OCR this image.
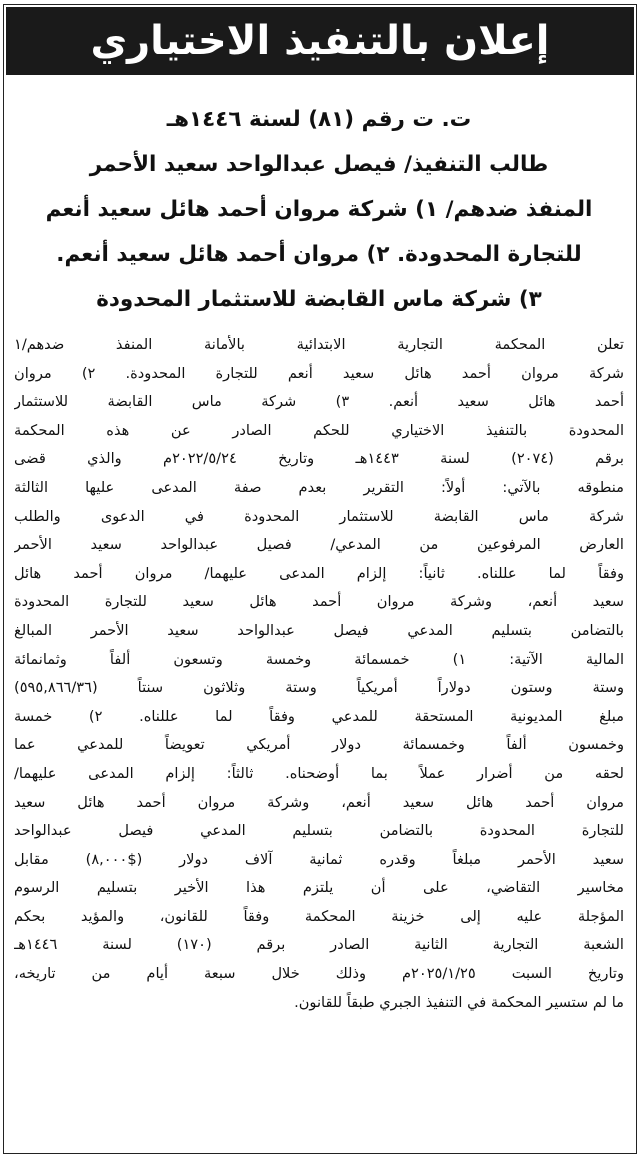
إعلان بالتنفيذ الاختياري
ت. ت رقم (٨١) لسنة ١٤٤٦هـ
طالب التنفيذ/ فيصل عبدالواحد سعيد الأحمر
المنفذ ضدهم/ ١) شركة مروان أحمد هائل سعيد أنعم
للتجارة المحدودة. ٢) مروان أحمد هائل سعيد أنعم.
٣) شركة ماس القابضة للاستثمار المحدودة
تعلن المحكمة التجارية الابتدائية بالأمانة المنفذ ضدهم/١
شركة مروان أحمد هائل سعيد أنعم للتجارة المحدودة. ٢) مروان
أحمد هائل سعيد أنعم. ٣) شركة ماس القابضة للاستثمار
المحدودة بالتنفيذ الاختياري للحكم الصادر عن هذه المحكمة
برقم (٢٠٧٤) لسنة ١٤٤٣هـ وتاريخ ٢٠٢٢/٥/٢٤م والذي قضى
منطوقه بالآتي: أولاً: التقرير بعدم صفة المدعى عليها الثالثة
شركة ماس القابضة للاستثمار المحدودة في الدعوى والطلب
العارض المرفوعين من المدعي/ فصيل عبدالواحد سعيد الأحمر
وفقاً لما عللناه. ثانياً: إلزام المدعى عليهما/ مروان أحمد هائل
سعيد أنعم، وشركة مروان أحمد هائل سعيد للتجارة المحدودة
بالتضامن بتسليم المدعي فيصل عبدالواحد سعيد الأحمر المبالغ
المالية الآتية: ١) خمسمائة وخمسة وتسعون ألفاً وثمانمائة
وستة وستون دولاراً أمريكياً وستة وثلاثون سنتاً (٥٩٥,٨٦٦/٣٦)
مبلغ المديونية المستحقة للمدعي وفقاً لما عللناه. ٢) خمسة
وخمسون ألفاً وخمسمائة دولار أمريكي تعويضاً للمدعي عما
لحقه من أضرار عملاً بما أوضحناه. ثالثاً: إلزام المدعى عليهما/
مروان أحمد هائل سعيد أنعم، وشركة مروان أحمد هائل سعيد
للتجارة المحدودة بالتضامن بتسليم المدعي فيصل عبدالواحد
سعيد الأحمر مبلغاً وقدره ثمانية آلاف دولار ($٨,٠٠٠) مقابل
مخاسير التقاضي، على أن يلتزم هذا الأخير بتسليم الرسوم
المؤجلة عليه إلى خزينة المحكمة وفقاً للقانون، والمؤيد بحكم
الشعبة التجارية الثانية الصادر برقم (١٧٠) لسنة ١٤٤٦هـ
وتاريخ السبت ٢٠٢٥/١/٢٥م وذلك خلال سبعة أيام من تاريخه،
ما لم ستسير المحكمة في التنفيذ الجبري طبقاً للقانون.
